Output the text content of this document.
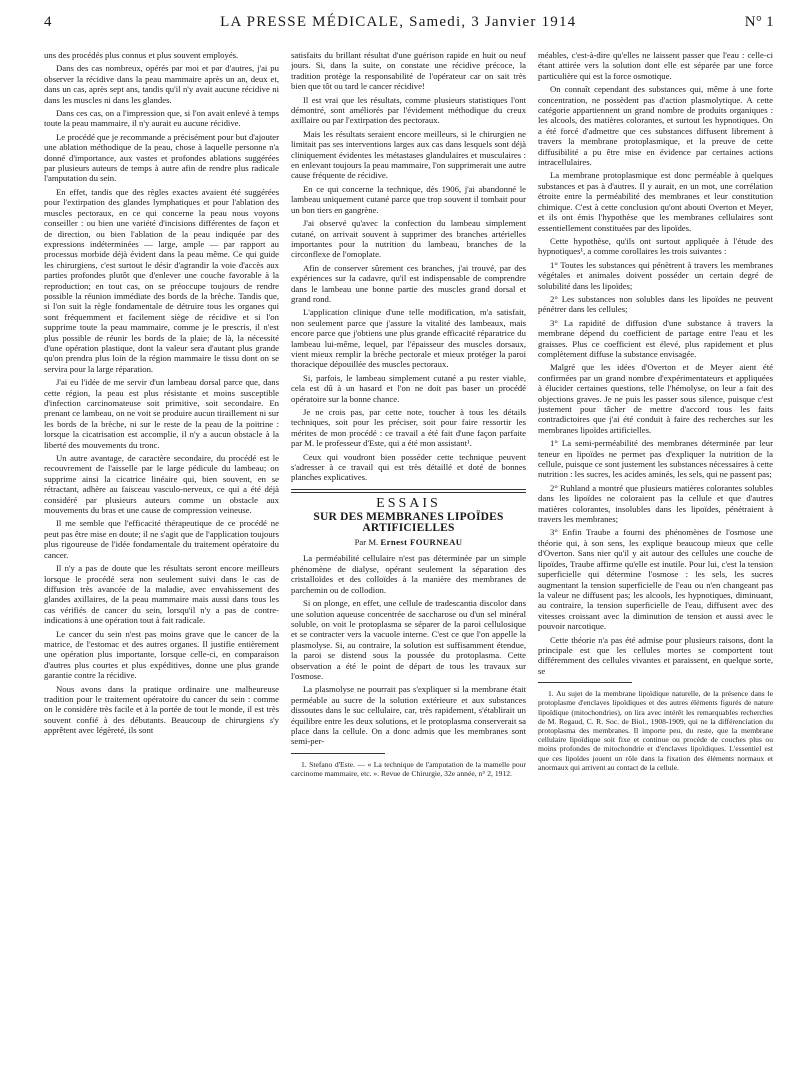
4	LA PRESSE MÉDICALE, Samedi, 3 Janvier 1914	N° 1

uns des procédés plus connus et plus souvent employés.

Dans des cas nombreux, opérés par moi et par d'autres, j'ai pu observer la récidive dans la peau mammaire après un an, deux et, dans un cas, après sept ans, tandis qu'il n'y avait aucune récidive ni dans les muscles ni dans les glandes.

Dans ces cas, on a l'impression que, si l'on avait enlevé à temps toute la peau mammaire, il n'y aurait eu aucune récidive.

Le procédé que je recommande a précisément pour but d'ajouter une ablation méthodique de la peau, chose à laquelle personne n'a donné d'importance, aux vastes et profondes ablations suggérées par plusieurs auteurs de temps à autre afin de rendre plus radicale l'amputation du sein.

En effet, tandis que des règles exactes avaient été suggérées pour l'extirpation des glandes lymphatiques et pour l'ablation des muscles pectoraux, en ce qui concerne la peau nous voyons conseiller : ou bien une variété d'incisions différentes de façon et de direction, ou bien l'ablation de la peau indiquée par des expressions indéterminées — large, ample — par rapport au processus morbide déjà évident dans la peau même. Ce qui guide les chirurgiens, c'est surtout le désir d'agrandir la voie d'accès aux parties profondes plutôt que d'enlever une couche favorable à la reproduction; en tout cas, on se préoccupe toujours de rendre possible la réunion immédiate des bords de la brèche. Tandis que, si l'on suit la règle fondamentale de détruire tous les organes qui sont fréquemment et facilement siège de récidive et si l'on supprime toute la peau mammaire, comme je le prescris, il n'est plus possible de réunir les bords de la plaie; de là, la nécessité d'une opération plastique, dont la valeur sera d'autant plus grande qu'on prendra plus loin de la région mammaire le tissu dont on se servira pour la large réparation.

J'ai eu l'idée de me servir d'un lambeau dorsal parce que, dans cette région, la peau est plus résistante et moins susceptible d'infection carcinomateuse soit primitive, soit secondaire. En prenant ce lambeau, on ne voit se produire aucun tiraillement ni sur les bords de la brèche, ni sur le reste de la peau de la poitrine : lorsque la cicatrisation est accomplie, il n'y a aucun obstacle à la liberté des mouvements du tronc.

Un autre avantage, de caractère secondaire, du procédé est le recouvrement de l'aisselle par le large pédicule du lambeau; on supprime ainsi la cicatrice linéaire qui, bien souvent, en se rétractant, adhère au faisceau vasculo-nerveux, ce qui a été déjà considéré par plusieurs auteurs comme un obstacle aux mouvements du bras et une cause de compression veineuse.

Il me semble que l'efficacité thérapeutique de ce procédé ne peut pas être mise en doute; il ne s'agit que de l'application toujours plus rigoureuse de l'idée fondamentale du traitement opératoire du cancer.

Il n'y a pas de doute que les résultats seront encore meilleurs lorsque le procédé sera non seulement suivi dans le cas de diffusion très avancée de la maladie, avec envahissement des glandes axillaires, de la peau mammaire mais aussi dans tous les cas vérifiés de cancer du sein, lorsqu'il n'y a pas de contre-indications à une opération tout à fait radicale.

Le cancer du sein n'est pas moins grave que le cancer de la matrice, de l'estomac et des autres organes. Il justifie entièrement une opération plus importante, lorsque celle-ci, en comparaison d'autres plus courtes et plus expéditives, donne une plus grande garantie contre la récidive.

Nous avons dans la pratique ordinaire une malheureuse tradition pour le traitement opératoire du cancer du sein : comme on le considère très facile et à la portée de tout le monde, il est très souvent confié à des débutants. Beaucoup de chirurgiens s'y apprêtent avec légèreté, ils sont

satisfaits du brillant résultat d'une guérison rapide en huit ou neuf jours. Si, dans la suite, on constate une récidive précoce, la tradition protège la responsabilité de l'opérateur car on sait très bien que tôt ou tard le cancer récidive!

Il est vrai que les résultats, comme plusieurs statistiques l'ont démontré, sont améliorés par l'évidement méthodique du creux axillaire ou par l'extirpation des pectoraux.

Mais les résultats seraient encore meilleurs, si le chirurgien ne limitait pas ses interventions larges aux cas dans lesquels sont déjà cliniquement évidentes les métastases glandulaires et musculaires : en enlevant toujours la peau mammaire, l'on supprimerait une autre cause fréquente de récidive.

En ce qui concerne la technique, dès 1906, j'ai abandonné le lambeau uniquement cutané parce que trop souvent il tombait pour un bon tiers en gangrène.

J'ai observé qu'avec la confection du lambeau simplement cutané, on arrivait souvent à supprimer des branches artérielles importantes pour la nutrition du lambeau, branches de la circonflexe de l'omoplate.

Afin de conserver sûrement ces branches, j'ai trouvé, par des expériences sur la cadavre, qu'il est indispensable de comprendre dans le lambeau une bonne partie des muscles grand dorsal et grand rond.

L'application clinique d'une telle modification, m'a satisfait, non seulement parce que j'assure la vitalité des lambeaux, mais encore parce que j'obtiens une plus grande efficacité réparatrice du lambeau lui-même, lequel, par l'épaisseur des muscles dorsaux, vient mieux remplir la brèche pectorale et mieux protéger la paroi thoracique dépouillée des muscles pectoraux.

Si, parfois, le lambeau simplement cutané a pu rester viable, cela est dû à un hasard et l'on ne doit pas baser un procédé opératoire sur la bonne chance.

Je ne crois pas, par cette note, toucher à tous les détails techniques, soit pour les préciser, soit pour faire ressortir les mérites de mon procédé : ce travail a été fait d'une façon parfaite par M. le professeur d'Este, qui a été mon assistant¹.

Ceux qui voudront bien posséder cette technique peuvent s'adresser à ce travail qui est très détaillé et doté de bonnes planches explicatives.

ESSAIS
SUR DES MEMBRANES LIPOÏDES ARTIFICIELLES
Par M. Ernest FOURNEAU

La perméabilité cellulaire n'est pas déterminée par un simple phénomène de dialyse, opérant seulement la séparation des cristalloïdes et des colloïdes à la manière des membranes de parchemin ou de collodion.

Si on plonge, en effet, une cellule de tradescantia discolor dans une solution aqueuse concentrée de saccharose ou d'un sel minéral soluble, on voit le protoplasma se séparer de la paroi cellulosique et se contracter vers la vacuole interne. C'est ce que l'on appelle la plasmolyse. Si, au contraire, la solution est suffisamment étendue, la paroi se distend sous la poussée du protoplasma. Cette observation a été le point de départ de tous les travaux sur l'osmose.

La plasmolyse ne pourrait pas s'expliquer si la membrane était perméable au sucre de la solution extérieure et aux substances dissoutes dans le suc cellulaire, car, très rapidement, s'établirait un équilibre entre les deux solutions, et le protoplasma conserverait sa place dans la cellule. On a donc admis que les membranes sont semi-per-

1. Stefano d'Este. — « La technique de l'amputation de la mamelle pour carcinome mammaire, etc. ». Revue de Chirurgie, 32e année, n° 2, 1912.

méables, c'est-à-dire qu'elles ne laissent passer que l'eau : celle-ci étant attirée vers la solution dont elle est séparée par une force particulière qui est la force osmotique.

On connaît cependant des substances qui, même à une forte concentration, ne possèdent pas d'action plasmolytique. A cette catégorie appartiennent un grand nombre de produits organiques : les alcools, des matières colorantes, et surtout les hypnotiques. On a été forcé d'admettre que ces substances diffusent librement à travers la membrane protoplasmique, et la preuve de cette diffusibilité a pu être mise en évidence par certaines actions intracellulaires.

La membrane protoplasmique est donc perméable à quelques substances et pas à d'autres. Il y aurait, en un mot, une corrélation étroite entre la perméabilité des membranes et leur constitution chimique. C'est à cette conclusion qu'ont abouti Overton et Meyer, et ils ont émis l'hypothèse que les membranes cellulaires sont essentiellement constituées par des lipoïdes.

Cette hypothèse, qu'ils ont surtout appliquée à l'étude des hypnotiques¹, a comme corollaires les trois suivantes :

1° Toutes les substances qui pénètrent à travers les membranes végétales et animales doivent posséder un certain degré de solubilité dans les lipoïdes;

2° Les substances non solubles dans les lipoïdes ne peuvent pénétrer dans les cellules;

3° La rapidité de diffusion d'une substance à travers la membrane dépend du coefficient de partage entre l'eau et les graisses. Plus ce coefficient est élevé, plus rapidement et plus complètement diffuse la substance envisagée.

Malgré que les idées d'Overton et de Meyer aient été confirmées par un grand nombre d'expérimentateurs et appliquées à élucider certaines questions, telle l'hémolyse, on leur a fait des objections graves. Je ne puis les passer sous silence, puisque c'est justement pour tâcher de mettre d'accord tous les faits contradictoires que j'ai été conduit à faire des recherches sur les membranes lipoïdes artificielles.

1° La semi-perméabilité des membranes déterminée par leur teneur en lipoïdes ne permet pas d'expliquer la nutrition de la cellule, puisque ce sont justement les substances nécessaires à cette nutrition : les sucres, les acides aminés, les sels, qui ne passent pas;

2° Ruhland a montré que plusieurs matières colorantes solubles dans les lipoïdes ne coloraient pas la cellule et que d'autres matières colorantes, insolubles dans les lipoïdes, pénétraient à travers les membranes;

3° Enfin Traube a fourni des phénomènes de l'osmose une théorie qui, à son sens, les explique beaucoup mieux que celle d'Overton. Sans nier qu'il y ait autour des cellules une couche de lipoïdes, Traube affirme qu'elle est inutile. Pour lui, c'est la tension superficielle qui détermine l'osmose : les sels, les sucres augmentant la tension superficielle de l'eau ou n'en changeant pas la valeur ne diffusent pas; les alcools, les hypnotiques, diminuant, au contraire, la tension superficielle de l'eau, diffusent avec des vitesses croissant avec la diminution de tension et aussi avec le pouvoir narcotique.

Cette théorie n'a pas été admise pour plusieurs raisons, dont la principale est que les cellules mortes se comportent tout différemment des cellules vivantes et paraissent, en quelque sorte, se

1. Au sujet de la membrane lipoïdique naturelle, de la présence dans le protoplasme d'enclaves lipoïdiques et des autres éléments figurés de nature lipoïdique (mitochondries), on lira avec intérêt les remarquables recherches de M. Regaud, C. R. Soc. de Biol., 1908-1909, qui ne la différenciation du protoplasma des membranes. Il importe peu, du reste, que la membrane cellulaire lipoïdique soit fixe et continue ou procède de couches plus ou moins profondes de mitochondrie et d'enclaves lipoïdiques. L'essentiel est que ces lipoïdes jouent un rôle dans la fixation des éléments normaux et anormaux qui arrivent au contact de la cellule.
